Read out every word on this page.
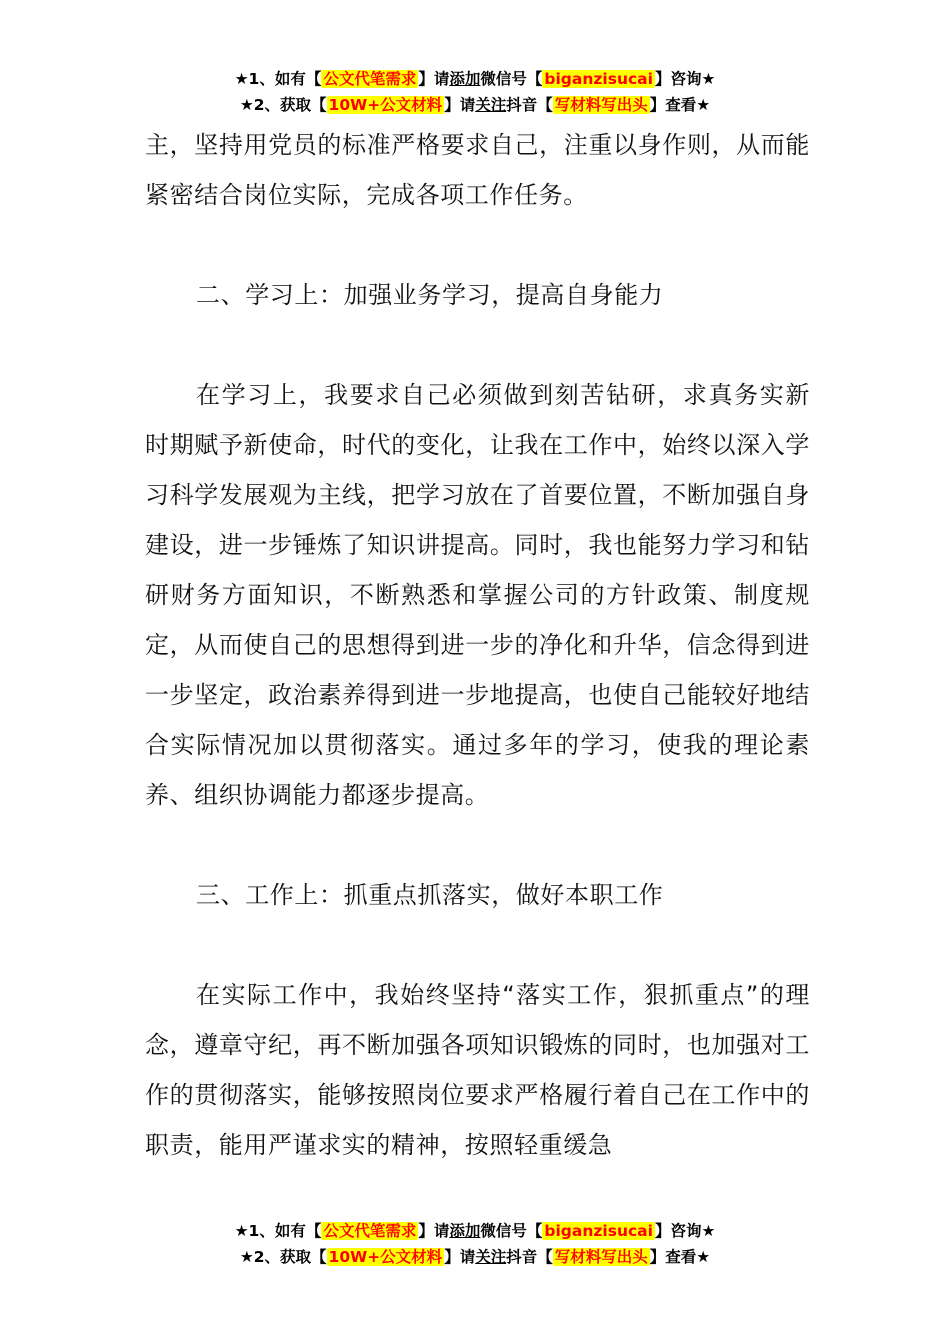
★1、如有【 公文代笔需求 】请添加微信号【 biganzisucai 】咨询★
★2、获取【 10W+公文材料 】请关注抖音【 写材料写出头 】查看★

主，坚持用党员的标准严格要求自己，注重以身作则，从而能紧密结合岗位实际，完成各项工作任务。

二、学习上：加强业务学习，提高自身能力

在学习上，我要求自己必须做到刻苦钻研，求真务实新时期赋予新使命，时代的变化，让我在工作中，始终以深入学习科学发展观为主线，把学习放在了首要位置，不断加强自身建设，进一步锤炼了知识讲提高。同时，我也能努力学习和钻研财务方面知识，不断熟悉和掌握公司的方针政策、制度规定，从而使自己的思想得到进一步的净化和升华，信念得到进一步坚定，政治素养得到进一步地提高，也使自己能较好地结合实际情况加以贯彻落实。通过多年的学习，使我的理论素养、组织协调能力都逐步提高。

三、工作上：抓重点抓落实，做好本职工作

在实际工作中，我始终坚持“落实工作，狠抓重点”的理念，遵章守纪，再不断加强各项知识锻炼的同时，也加强对工作的贯彻落实，能够按照岗位要求严格履行着自己在工作中的职责，能用严谨求实的精神，按照轻重缓急

★1、如有【 公文代笔需求 】请添加微信号【 biganzisucai 】咨询★
★2、获取【 10W+公文材料 】请关注抖音【 写材料写出头 】查看★
